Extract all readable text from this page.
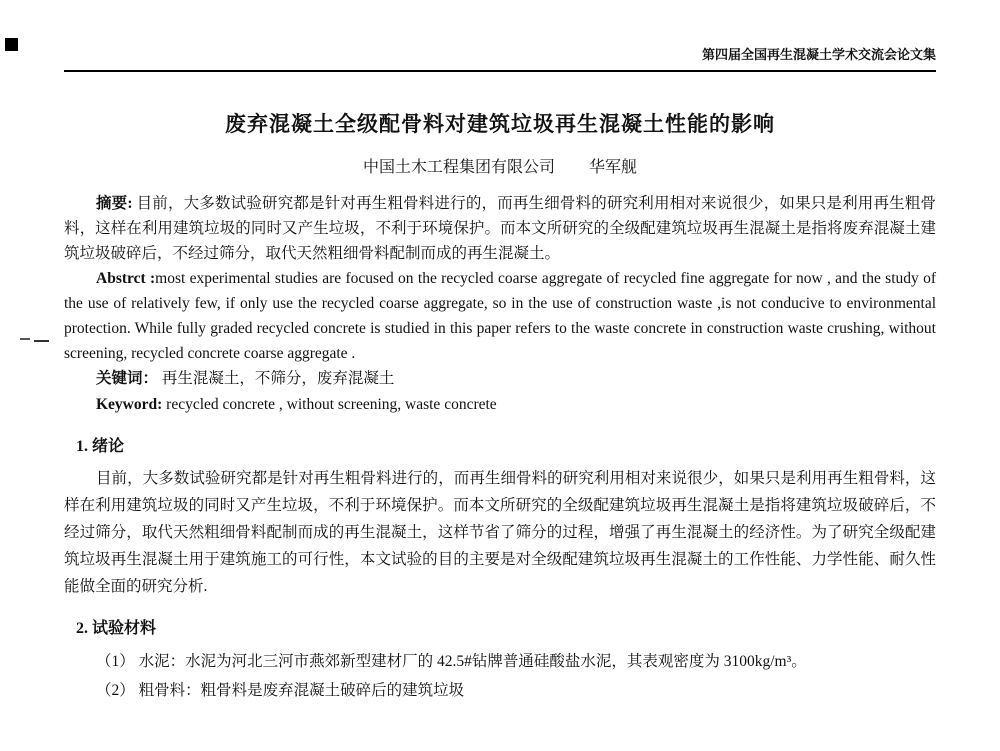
第四届全国再生混凝土学术交流会论文集
废弃混凝土全级配骨料对建筑垃圾再生混凝土性能的影响
中国土木工程集团有限公司 华军舰

摘要: 目前，大多数试验研究都是针对再生粗骨料进行的，而再生细骨料的研究利用相对来说很少，如果只是利用再生粗骨料，这样在利用建筑垃圾的同时又产生垃圾，不利于环境保护。而本文所研究的全级配建筑垃圾再生混凝土是指将废弃混凝土建筑垃圾破碎后，不经过筛分，取代天然粗细骨料配制而成的再生混凝土。

Abstrct :most experimental studies are focused on the recycled coarse aggregate of recycled fine aggregate for now , and the study of the use of relatively few, if only use the recycled coarse aggregate, so in the use of construction waste ,is not conducive to environmental protection. While fully graded recycled concrete is studied in this paper refers to the waste concrete in construction waste crushing, without screening, recycled concrete coarse aggregate .

关键词： 再生混凝土，不筛分，废弃混凝土

Keyword: recycled concrete , without screening, waste concrete

1. 绪论

目前，大多数试验研究都是针对再生粗骨料进行的，而再生细骨料的研究利用相对来说很少，如果只是利用再生粗骨料，这样在利用建筑垃圾的同时又产生垃圾，不利于环境保护。而本文所研究的全级配建筑垃圾再生混凝土是指将建筑垃圾破碎后，不经过筛分，取代天然粗细骨料配制而成的再生混凝土，这样节省了筛分的过程，增强了再生混凝土的经济性。为了研究全级配建筑垃圾再生混凝土用于建筑施工的可行性，本文试验的目的主要是对全级配建筑垃圾再生混凝土的工作性能、力学性能、耐久性能做全面的研究分析.

2. 试验材料

（1） 水泥：水泥为河北三河市燕郊新型建材厂的 42.5#钻牌普通硅酸盐水泥，其表观密度为 3100kg/m³。

（2） 粗骨料：粗骨料是废弃混凝土破碎后的建筑垃圾
